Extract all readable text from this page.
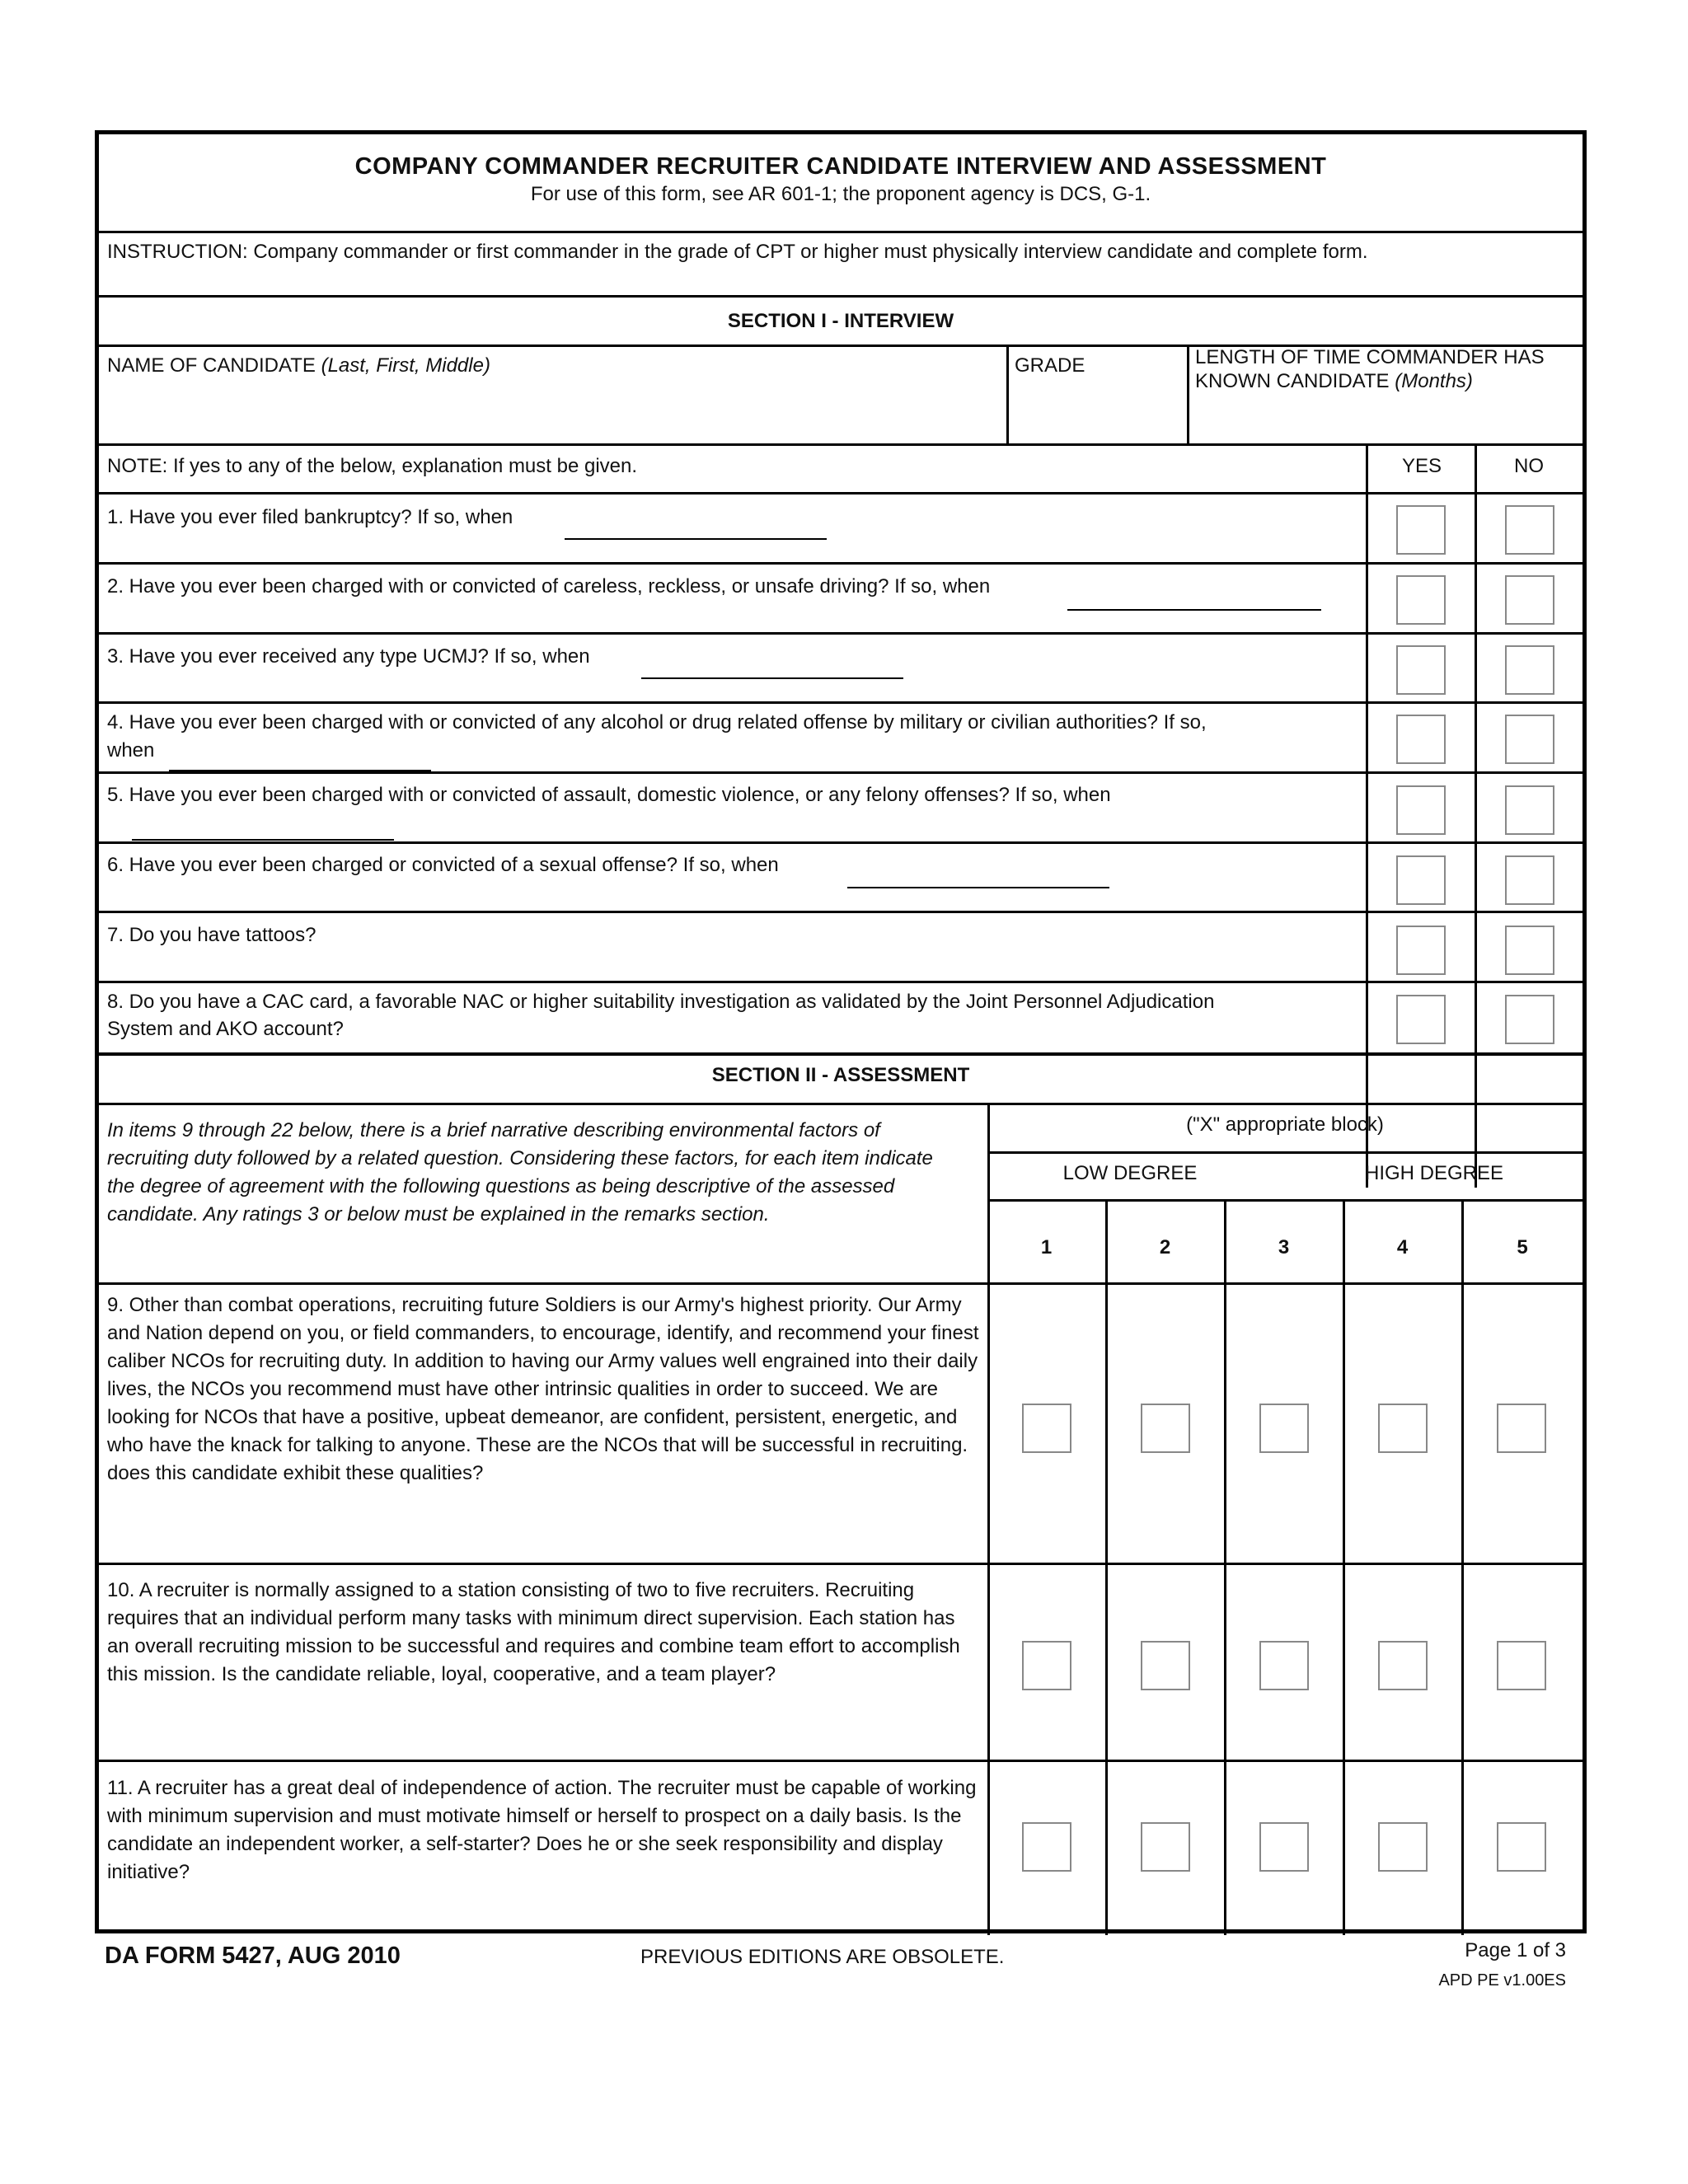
COMPANY COMMANDER RECRUITER CANDIDATE INTERVIEW AND ASSESSMENT
For use of this form, see AR 601-1; the proponent agency is DCS, G-1.
INSTRUCTION: Company commander or first commander in the grade of CPT or higher must physically interview candidate and complete form.
SECTION I - INTERVIEW
NAME OF CANDIDATE (Last, First, Middle)	GRADE	LENGTH OF TIME COMMANDER HAS
KNOWN CANDIDATE (Months)
NOTE: If yes to any of the below, explanation must be given.	YES	NO
1. Have you ever filed bankruptcy? If so, when
2. Have you ever been charged with or convicted of careless, reckless, or unsafe driving? If so, when
3. Have you ever received any type UCMJ? If so, when
4. Have you ever been charged with or convicted of any alcohol or drug related offense by military or civilian authorities? If so,
when
5. Have you ever been charged with or convicted of assault, domestic violence, or any felony offenses? If so, when
6. Have you ever been charged or convicted of a sexual offense? If so, when
7. Do you have tattoos?
8. Do you have a CAC card, a favorable NAC or higher suitability investigation as validated by the Joint Personnel Adjudication
System and AKO account?
SECTION II - ASSESSMENT
In items 9 through 22 below, there is a brief narrative describing environmental factors of recruiting duty followed by a related question. Considering these factors, for each item indicate the degree of agreement with the following questions as being descriptive of the assessed candidate. Any ratings 3 or below must be explained in the remarks section.
("X" appropriate block)
LOW DEGREE	HIGH DEGREE
1	2	3	4	5
9. Other than combat operations, recruiting future Soldiers is our Army's highest priority. Our Army and Nation depend on you, or field commanders, to encourage, identify, and recommend your finest caliber NCOs for recruiting duty. In addition to having our Army values well engrained into their daily lives, the NCOs you recommend must have other intrinsic qualities in order to succeed. We are looking for NCOs that have a positive, upbeat demeanor, are confident, persistent, energetic, and who have the knack for talking to anyone. These are the NCOs that will be successful in recruiting. does this candidate exhibit these qualities?
10. A recruiter is normally assigned to a station consisting of two to five recruiters. Recruiting requires that an individual perform many tasks with minimum direct supervision. Each station has an overall recruiting mission to be successful and requires and combine team effort to accomplish this mission. Is the candidate reliable, loyal, cooperative, and a team player?
11. A recruiter has a great deal of independence of action. The recruiter must be capable of working with minimum supervision and must motivate himself or herself to prospect on a daily basis. Is the candidate an independent worker, a self-starter? Does he or she seek responsibility and display initiative?
DA FORM 5427, AUG 2010	PREVIOUS EDITIONS ARE OBSOLETE.	Page 1 of 3
APD PE v1.00ES
